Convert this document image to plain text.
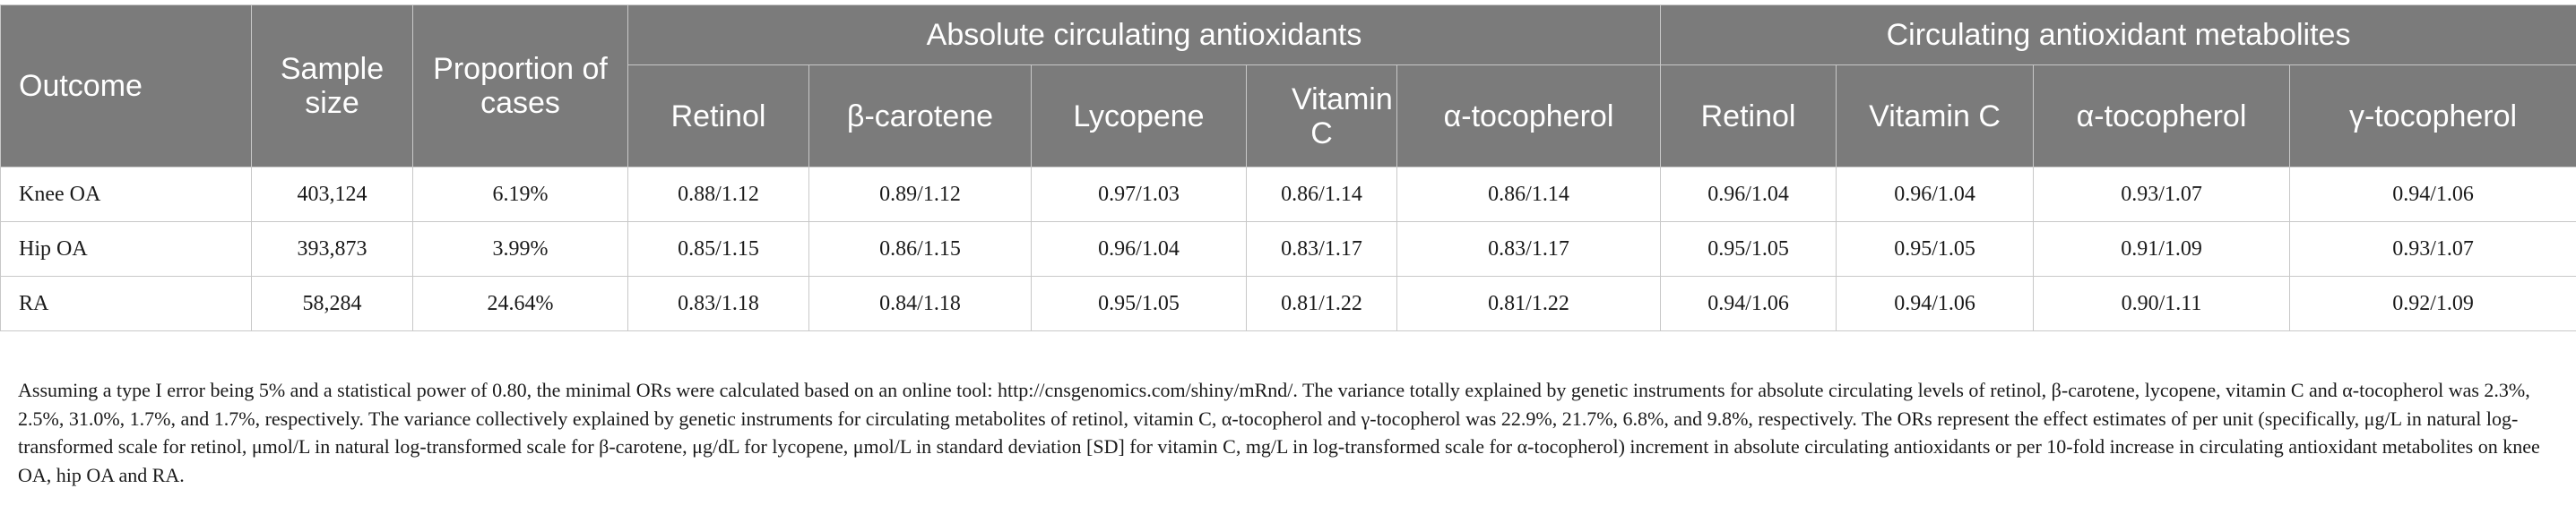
Outcome	Sample size	Proportion of cases	Absolute circulating antioxidants					Circulating antioxidant metabolites			
			Retinol	β-carotene	Lycopene	Vitamin C	α-tocopherol	Retinol	Vitamin C	α-tocopherol	γ-tocopherol
Knee OA	403,124	6.19%	0.88/1.12	0.89/1.12	0.97/1.03	0.86/1.14	0.86/1.14	0.96/1.04	0.96/1.04	0.93/1.07	0.94/1.06
Hip OA	393,873	3.99%	0.85/1.15	0.86/1.15	0.96/1.04	0.83/1.17	0.83/1.17	0.95/1.05	0.95/1.05	0.91/1.09	0.93/1.07
RA	58,284	24.64%	0.83/1.18	0.84/1.18	0.95/1.05	0.81/1.22	0.81/1.22	0.94/1.06	0.94/1.06	0.90/1.11	0.92/1.09

Assuming a type I error being 5% and a statistical power of 0.80, the minimal ORs were calculated based on an online tool: http://cnsgenomics.com/shiny/mRnd/. The variance totally explained by genetic instruments for absolute circulating levels of retinol, β-carotene, lycopene, vitamin C and α-tocopherol was 2.3%, 2.5%, 31.0%, 1.7%, and 1.7%, respectively. The variance collectively explained by genetic instruments for circulating metabolites of retinol, vitamin C, α-tocopherol and γ-tocopherol was 22.9%, 21.7%, 6.8%, and 9.8%, respectively. The ORs represent the effect estimates of per unit (specifically, μg/L in natural log-transformed scale for retinol, μmol/L in natural log-transformed scale for β-carotene, μg/dL for lycopene, μmol/L in standard deviation [SD] for vitamin C, mg/L in log-transformed scale for α-tocopherol) increment in absolute circulating antioxidants or per 10-fold increase in circulating antioxidant metabolites on knee OA, hip OA and RA.
